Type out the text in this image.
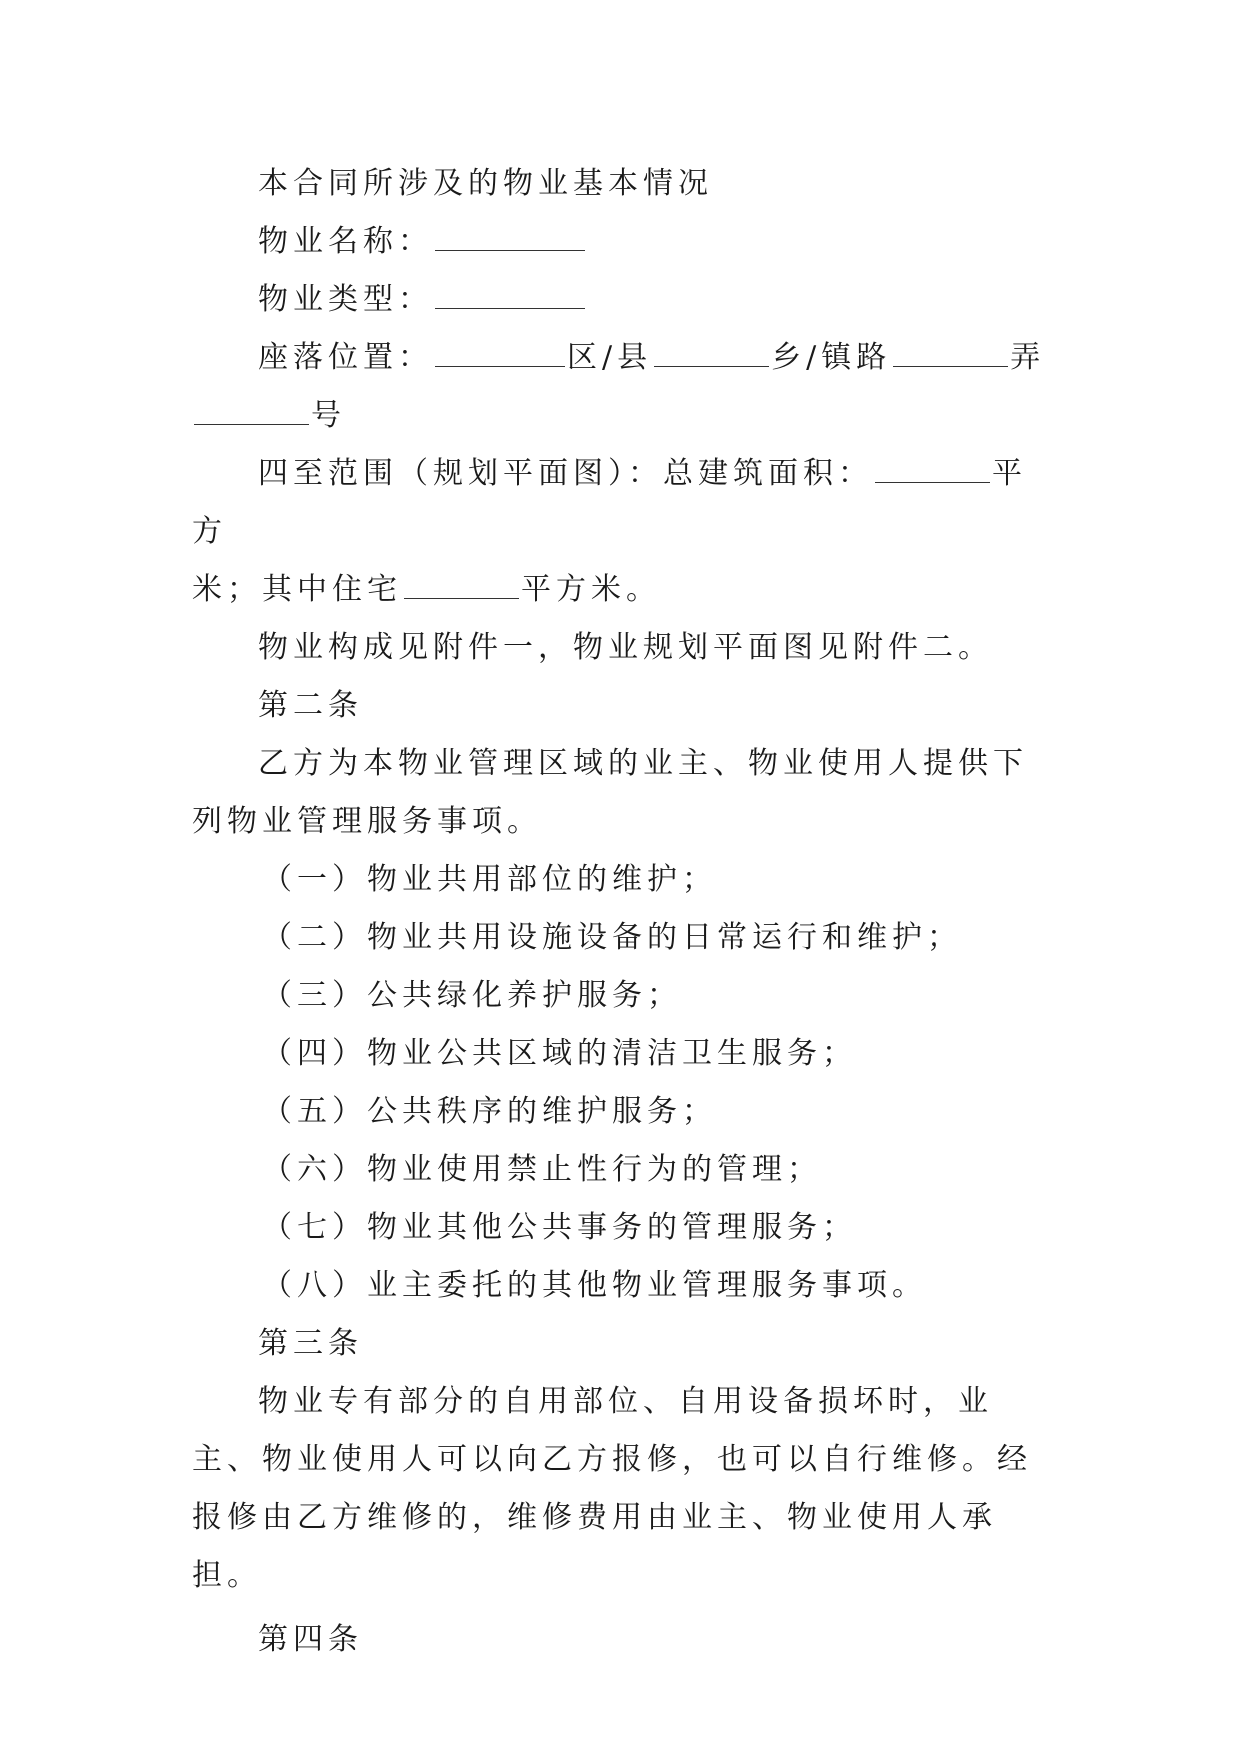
本合同所涉及的物业基本情况

物业名称：

物业类型：

座落位置：	区/县	乡/镇路	弄
号

四至范围（规划平面图）：总建筑面积：	平方
米；其中住宅	平方米。

物业构成见附件一，物业规划平面图见附件二。

第二条

乙方为本物业管理区域的业主、物业使用人提供下列物业管理服务事项。

（一）物业共用部位的维护；

（二）物业共用设施设备的日常运行和维护；

（三）公共绿化养护服务；

（四）物业公共区域的清洁卫生服务；

（五）公共秩序的维护服务；

（六）物业使用禁止性行为的管理；

（七）物业其他公共事务的管理服务；

（八）业主委托的其他物业管理服务事项。

第三条

物业专有部分的自用部位、自用设备损坏时，业主、物业使用人可以向乙方报修，也可以自行维修。经报修由乙方维修的，维修费用由业主、物业使用人承担。

第四条
